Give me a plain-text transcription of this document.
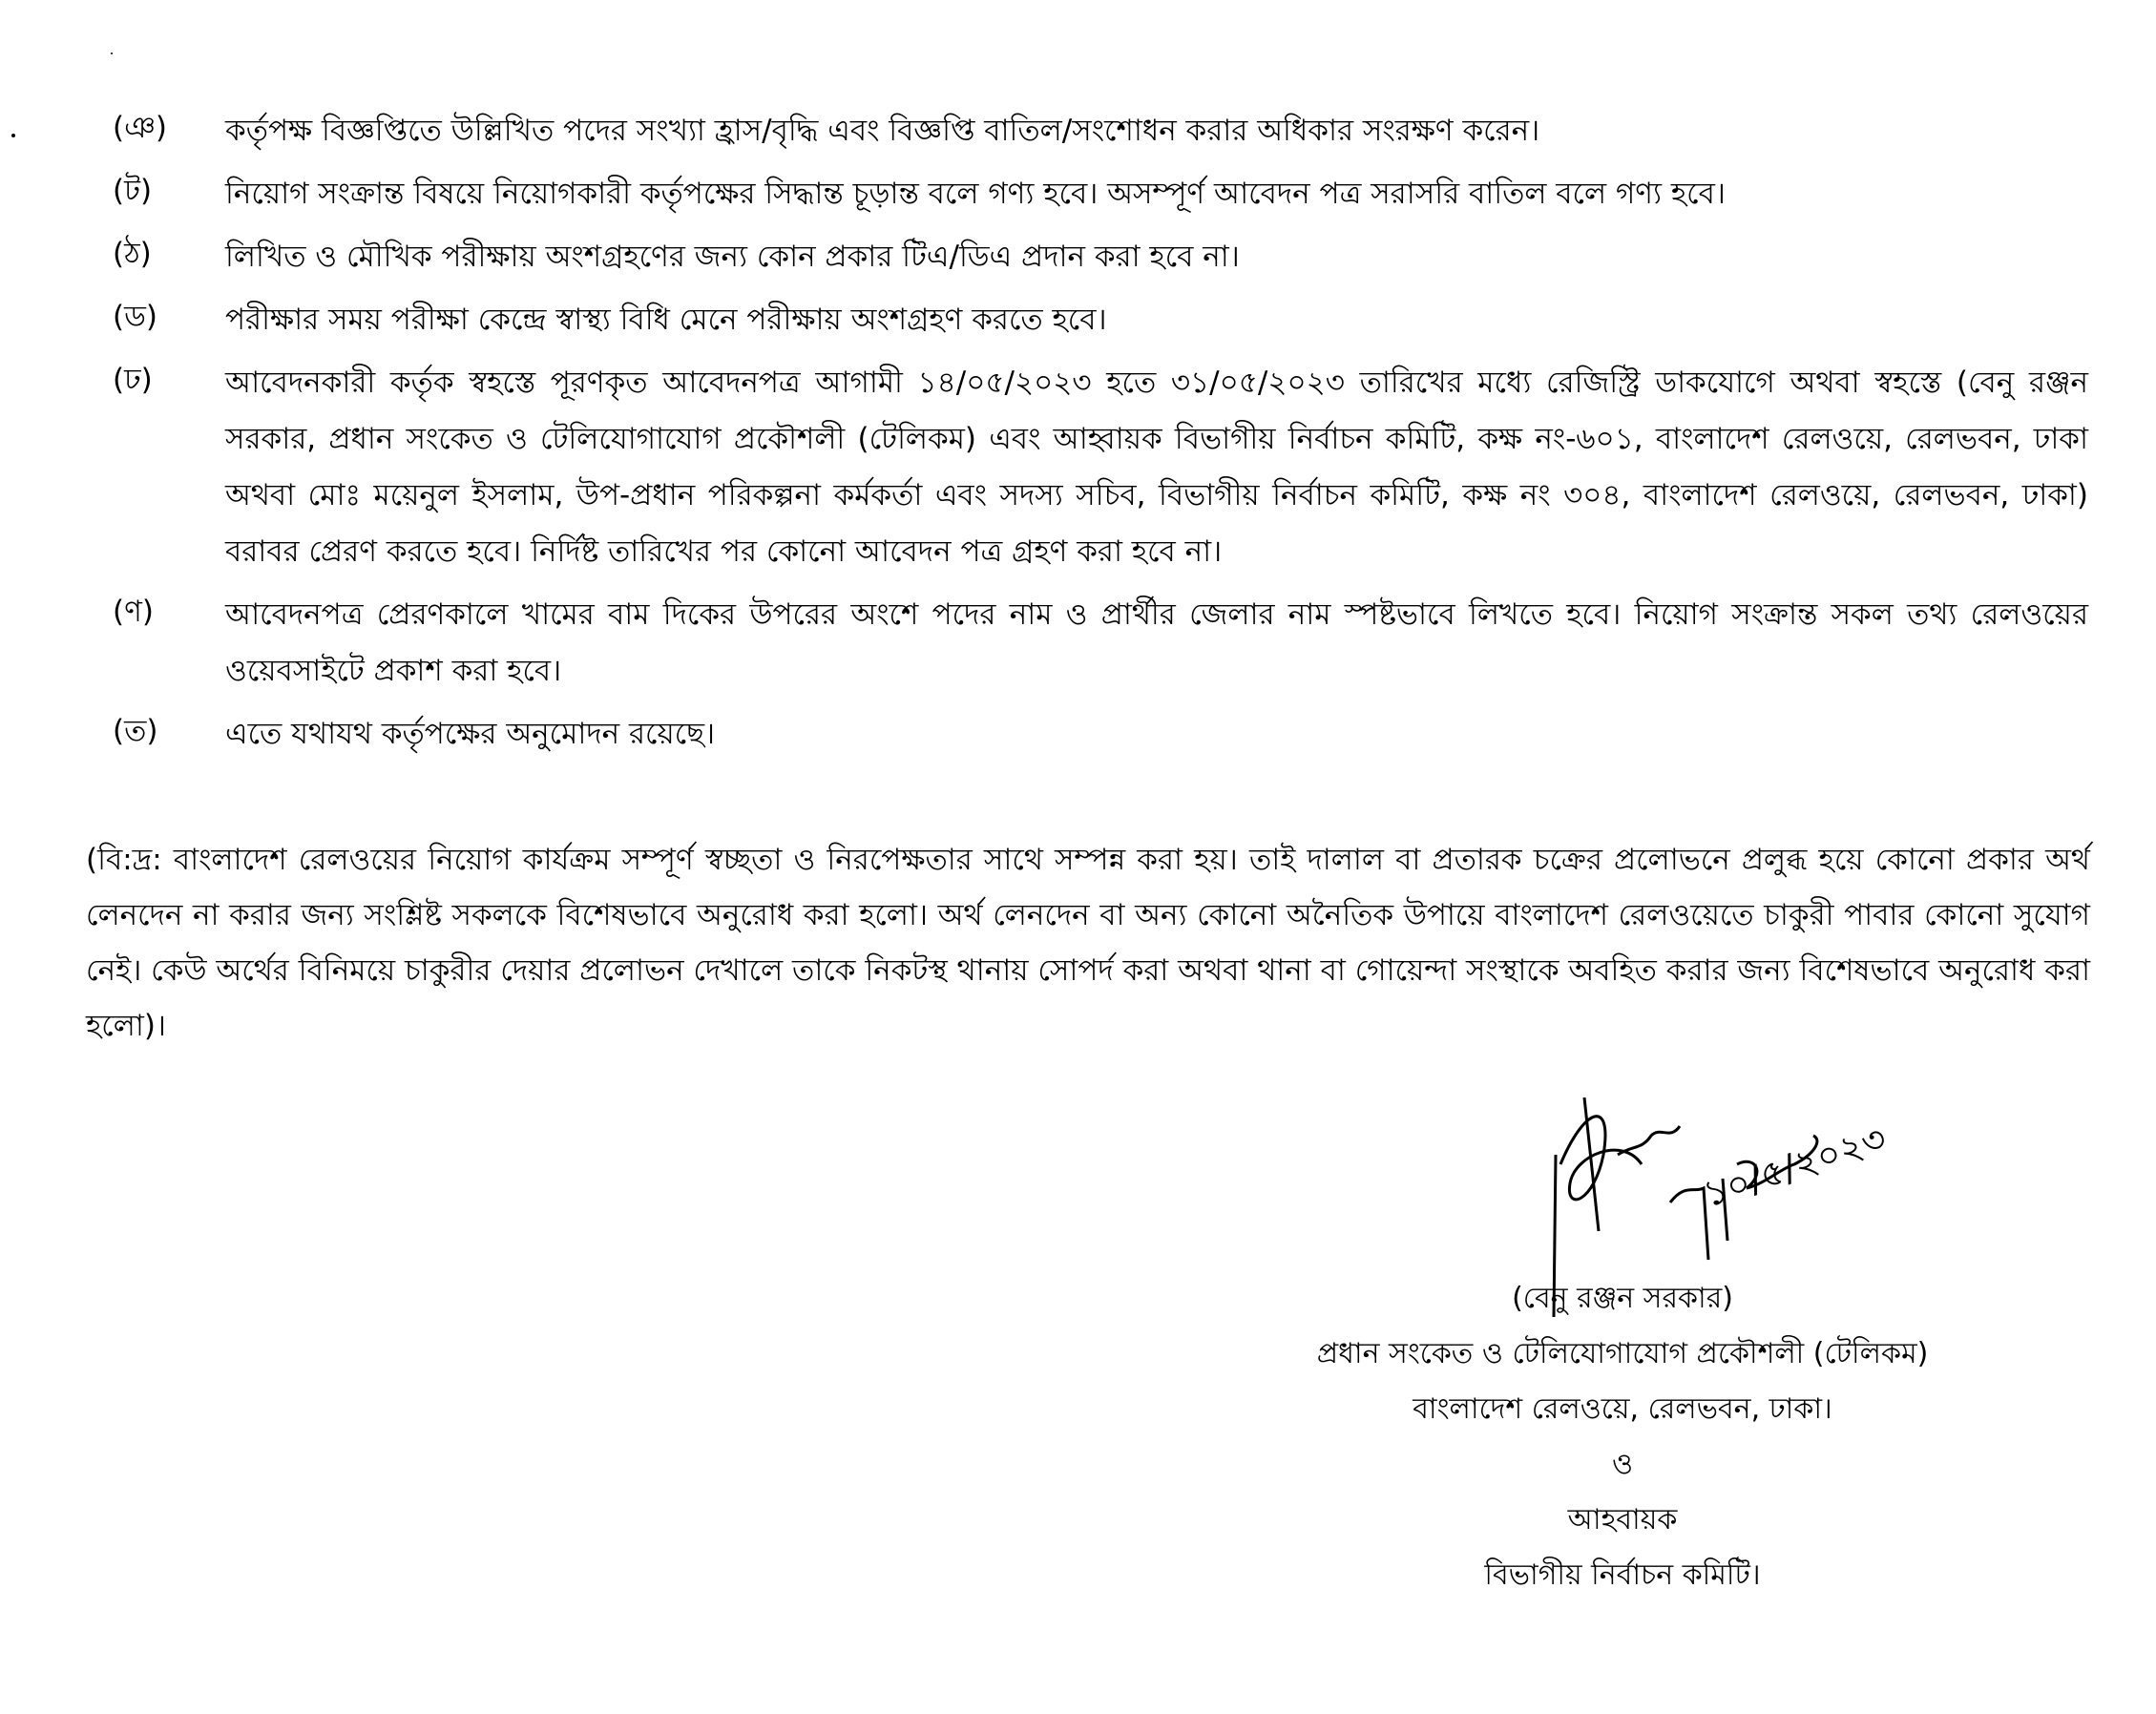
(ঞ)	কর্তৃপক্ষ বিজ্ঞপ্তিতে উল্লিখিত পদের সংখ্যা হ্রাস/বৃদ্ধি এবং বিজ্ঞপ্তি বাতিল/সংশোধন করার অধিকার সংরক্ষণ করেন।
(ট)	নিয়োগ সংক্রান্ত বিষয়ে নিয়োগকারী কর্তৃপক্ষের সিদ্ধান্ত চূড়ান্ত বলে গণ্য হবে। অসম্পূর্ণ আবেদন পত্র সরাসরি বাতিল বলে গণ্য হবে।
(ঠ)	লিখিত ও মৌখিক পরীক্ষায় অংশগ্রহণের জন্য কোন প্রকার টিএ/ডিএ প্রদান করা হবে না।
(ড)	পরীক্ষার সময় পরীক্ষা কেন্দ্রে স্বাস্থ্য বিধি মেনে পরীক্ষায় অংশগ্রহণ করতে হবে।
(ঢ)	আবেদনকারী কর্তৃক স্বহস্তে পূরণকৃত আবেদনপত্র আগামী ১৪/০৫/২০২৩ হতে ৩১/০৫/২০২৩ তারিখের মধ্যে রেজিস্ট্রি ডাকযোগে অথবা স্বহস্তে (বেনু রঞ্জন সরকার, প্রধান সংকেত ও টেলিযোগাযোগ প্রকৌশলী (টেলিকম) এবং আহ্বায়ক বিভাগীয় নির্বাচন কমিটি, কক্ষ নং-৬০১, বাংলাদেশ রেলওয়ে, রেলভবন, ঢাকা অথবা মোঃ ময়েনুল ইসলাম, উপ-প্রধান পরিকল্পনা কর্মকর্তা এবং সদস্য সচিব, বিভাগীয় নির্বাচন কমিটি, কক্ষ নং ৩০৪, বাংলাদেশ রেলওয়ে, রেলভবন, ঢাকা) বরাবর প্রেরণ করতে হবে। নির্দিষ্ট তারিখের পর কোনো আবেদন পত্র গ্রহণ করা হবে না।
(ণ)	আবেদনপত্র প্রেরণকালে খামের বাম দিকের উপরের অংশে পদের নাম ও প্রার্থীর জেলার নাম স্পষ্টভাবে লিখতে হবে। নিয়োগ সংক্রান্ত সকল তথ্য রেলওয়ের ওয়েবসাইটে প্রকাশ করা হবে।
(ত)	এতে যথাযথ কর্তৃপক্ষের অনুমোদন রয়েছে।
(বি:দ্র: বাংলাদেশ রেলওয়ের নিয়োগ কার্যক্রম সম্পূর্ণ স্বচ্ছতা ও নিরপেক্ষতার সাথে সম্পন্ন করা হয়। তাই দালাল বা প্রতারক চক্রের প্রলোভনে প্রলুব্ধ হয়ে কোনো প্রকার অর্থ লেনদেন না করার জন্য সংশ্লিষ্ট সকলকে বিশেষভাবে অনুরোধ করা হলো। অর্থ লেনদেন বা অন্য কোনো অনৈতিক উপায়ে বাংলাদেশ রেলওয়েতে চাকুরী পাবার কোনো সুযোগ নেই। কেউ অর্থের বিনিময়ে চাকুরীর দেয়ার প্রলোভন দেখালে তাকে নিকটস্থ থানায় সোপর্দ করা অথবা থানা বা গোয়েন্দা সংস্থাকে অবহিত করার জন্য বিশেষভাবে অনুরোধ করা হলো)।
১০/৫/২০২৩
(বেনু রঞ্জন সরকার)
প্রধান সংকেত ও টেলিযোগাযোগ প্রকৌশলী (টেলিকম)
বাংলাদেশ রেলওয়ে, রেলভবন, ঢাকা।
ও
আহবায়ক
বিভাগীয় নির্বাচন কমিটি।
